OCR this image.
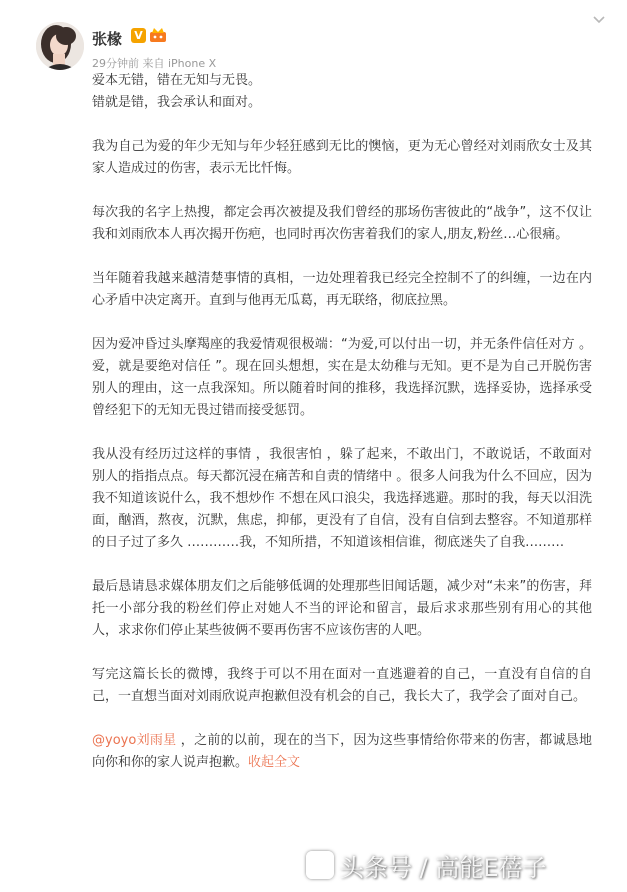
张椽 V
29分钟前 来自 iPhone X

爱本无错，错在无知与无畏。

错就是错，我会承认和面对。

我为自己为爱的年少无知与年少轻狂感到无比的懊恼，更为无心曾经对刘雨欣女士及其家人造成过的伤害，表示无比忏悔。

每次我的名字上热搜，都定会再次被提及我们曾经的那场伤害彼此的“战争”，这不仅让我和刘雨欣本人再次揭开伤疤，也同时再次伤害着我们的家人,朋友,粉丝…心很痛。

当年随着我越来越清楚事情的真相，一边处理着我已经完全控制不了的纠缠，一边在内心矛盾中决定离开。直到与他再无瓜葛，再无联络，彻底拉黑。

因为爱冲昏过头摩羯座的我爱情观很极端：“为爱,可以付出一切，并无条件信任对方 。爱，就是要绝对信任 ”。现在回头想想，实在是太幼稚与无知。更不是为自己开脱伤害别人的理由，这一点我深知。所以随着时间的推移，我选择沉默，选择妥协，选择承受曾经犯下的无知无畏过错而接受惩罚。

我从没有经历过这样的事情 ，我很害怕 ，躲了起来，不敢出门，不敢说话，不敢面对别人的指指点点。每天都沉浸在痛苦和自责的情绪中 。很多人问我为什么不回应，因为我不知道该说什么，我不想炒作 不想在风口浪尖，我选择逃避。那时的我，每天以泪洗面，酗酒，熬夜，沉默，焦虑，抑郁，更没有了自信，没有自信到去整容。不知道那样的日子过了多久 …………我，不知所措，不知道该相信谁，彻底迷失了自我………

最后恳请恳求媒体朋友们之后能够低调的处理那些旧闻话题，减少对“未来”的伤害，拜托一小部分我的粉丝们停止对她人不当的评论和留言，最后求求那些别有用心的其他人，求求你们停止某些彼俩不要再伤害不应该伤害的人吧。

写完这篇长长的微博，我终于可以不用在面对一直逃避着的自己，一直没有自信的自己，一直想当面对刘雨欣说声抱歉但没有机会的自己，我长大了，我学会了面对自己。

@yoyo刘雨星 ，之前的以前，现在的当下，因为这些事情给你带来的伤害，都诚恳地向你和你的家人说声抱歉。收起全文

头条号 / 高能E蓓子
